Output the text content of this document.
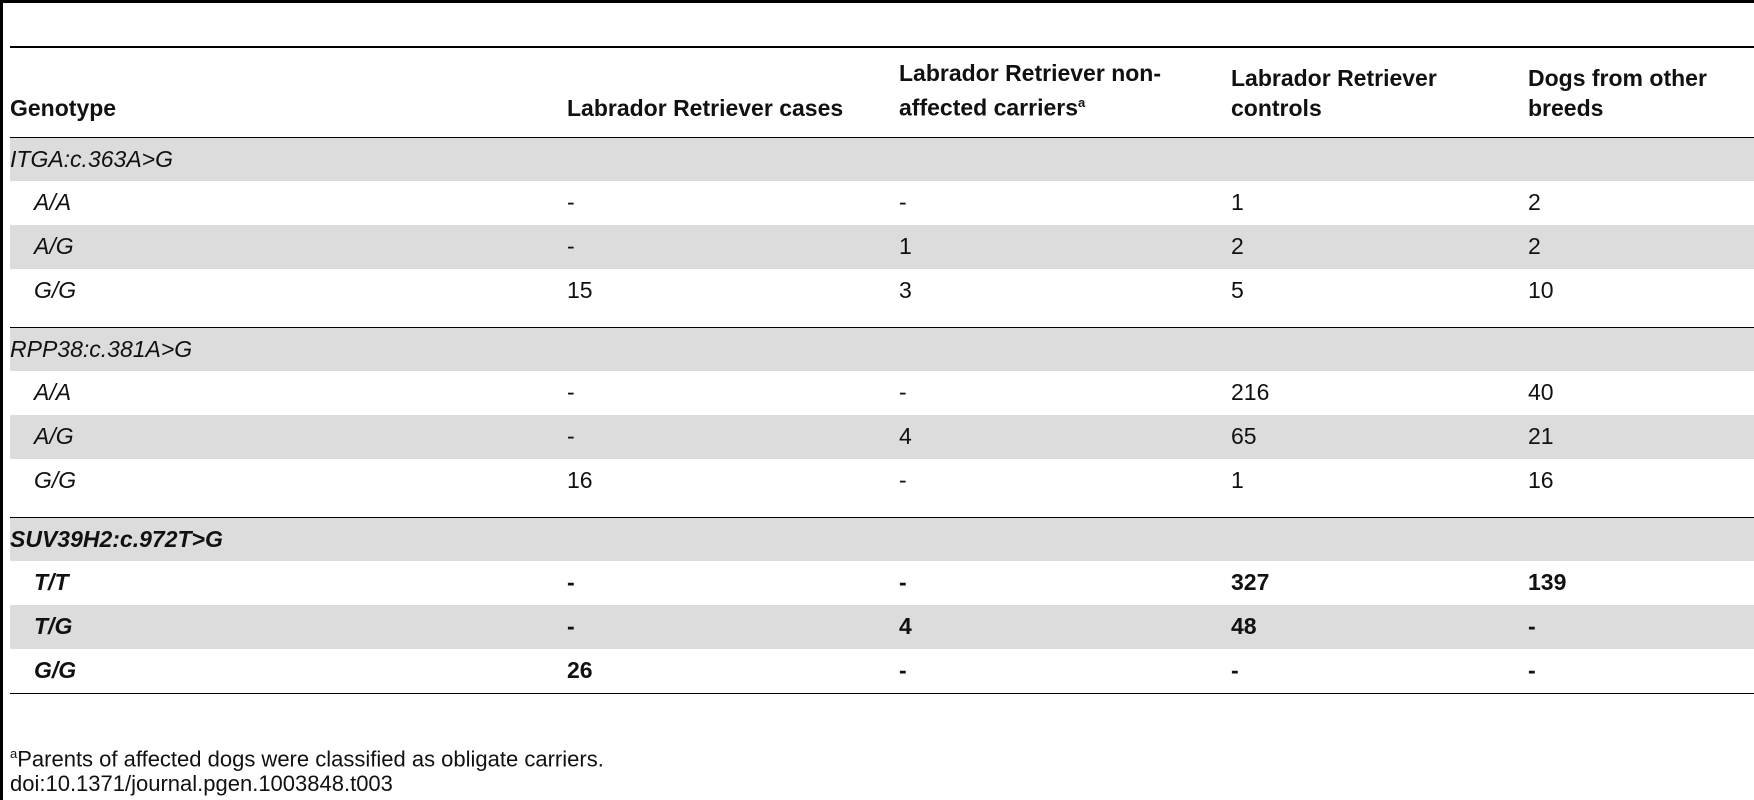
Genotype	Labrador Retriever cases	Labrador Retriever non-affected carriers$^a$	Labrador Retriever controls	Dogs from other breeds
ITGA:c.363A>G				
A/A	-	-	1	2
A/G	-	1	2	2
G/G	15	3	5	10
RPP38:c.381A>G				
A/A	-	-	216	40
A/G	-	4	65	21
G/G	16	-	1	16
SUV39H2:c.972T>G				
T/T	-	-	327	139
T/G	-	4	48	-
G/G	26	-	-	-
$^a$Parents of affected dogs were classified as obligate carriers.
doi:10.1371/journal.pgen.1003848.t003
